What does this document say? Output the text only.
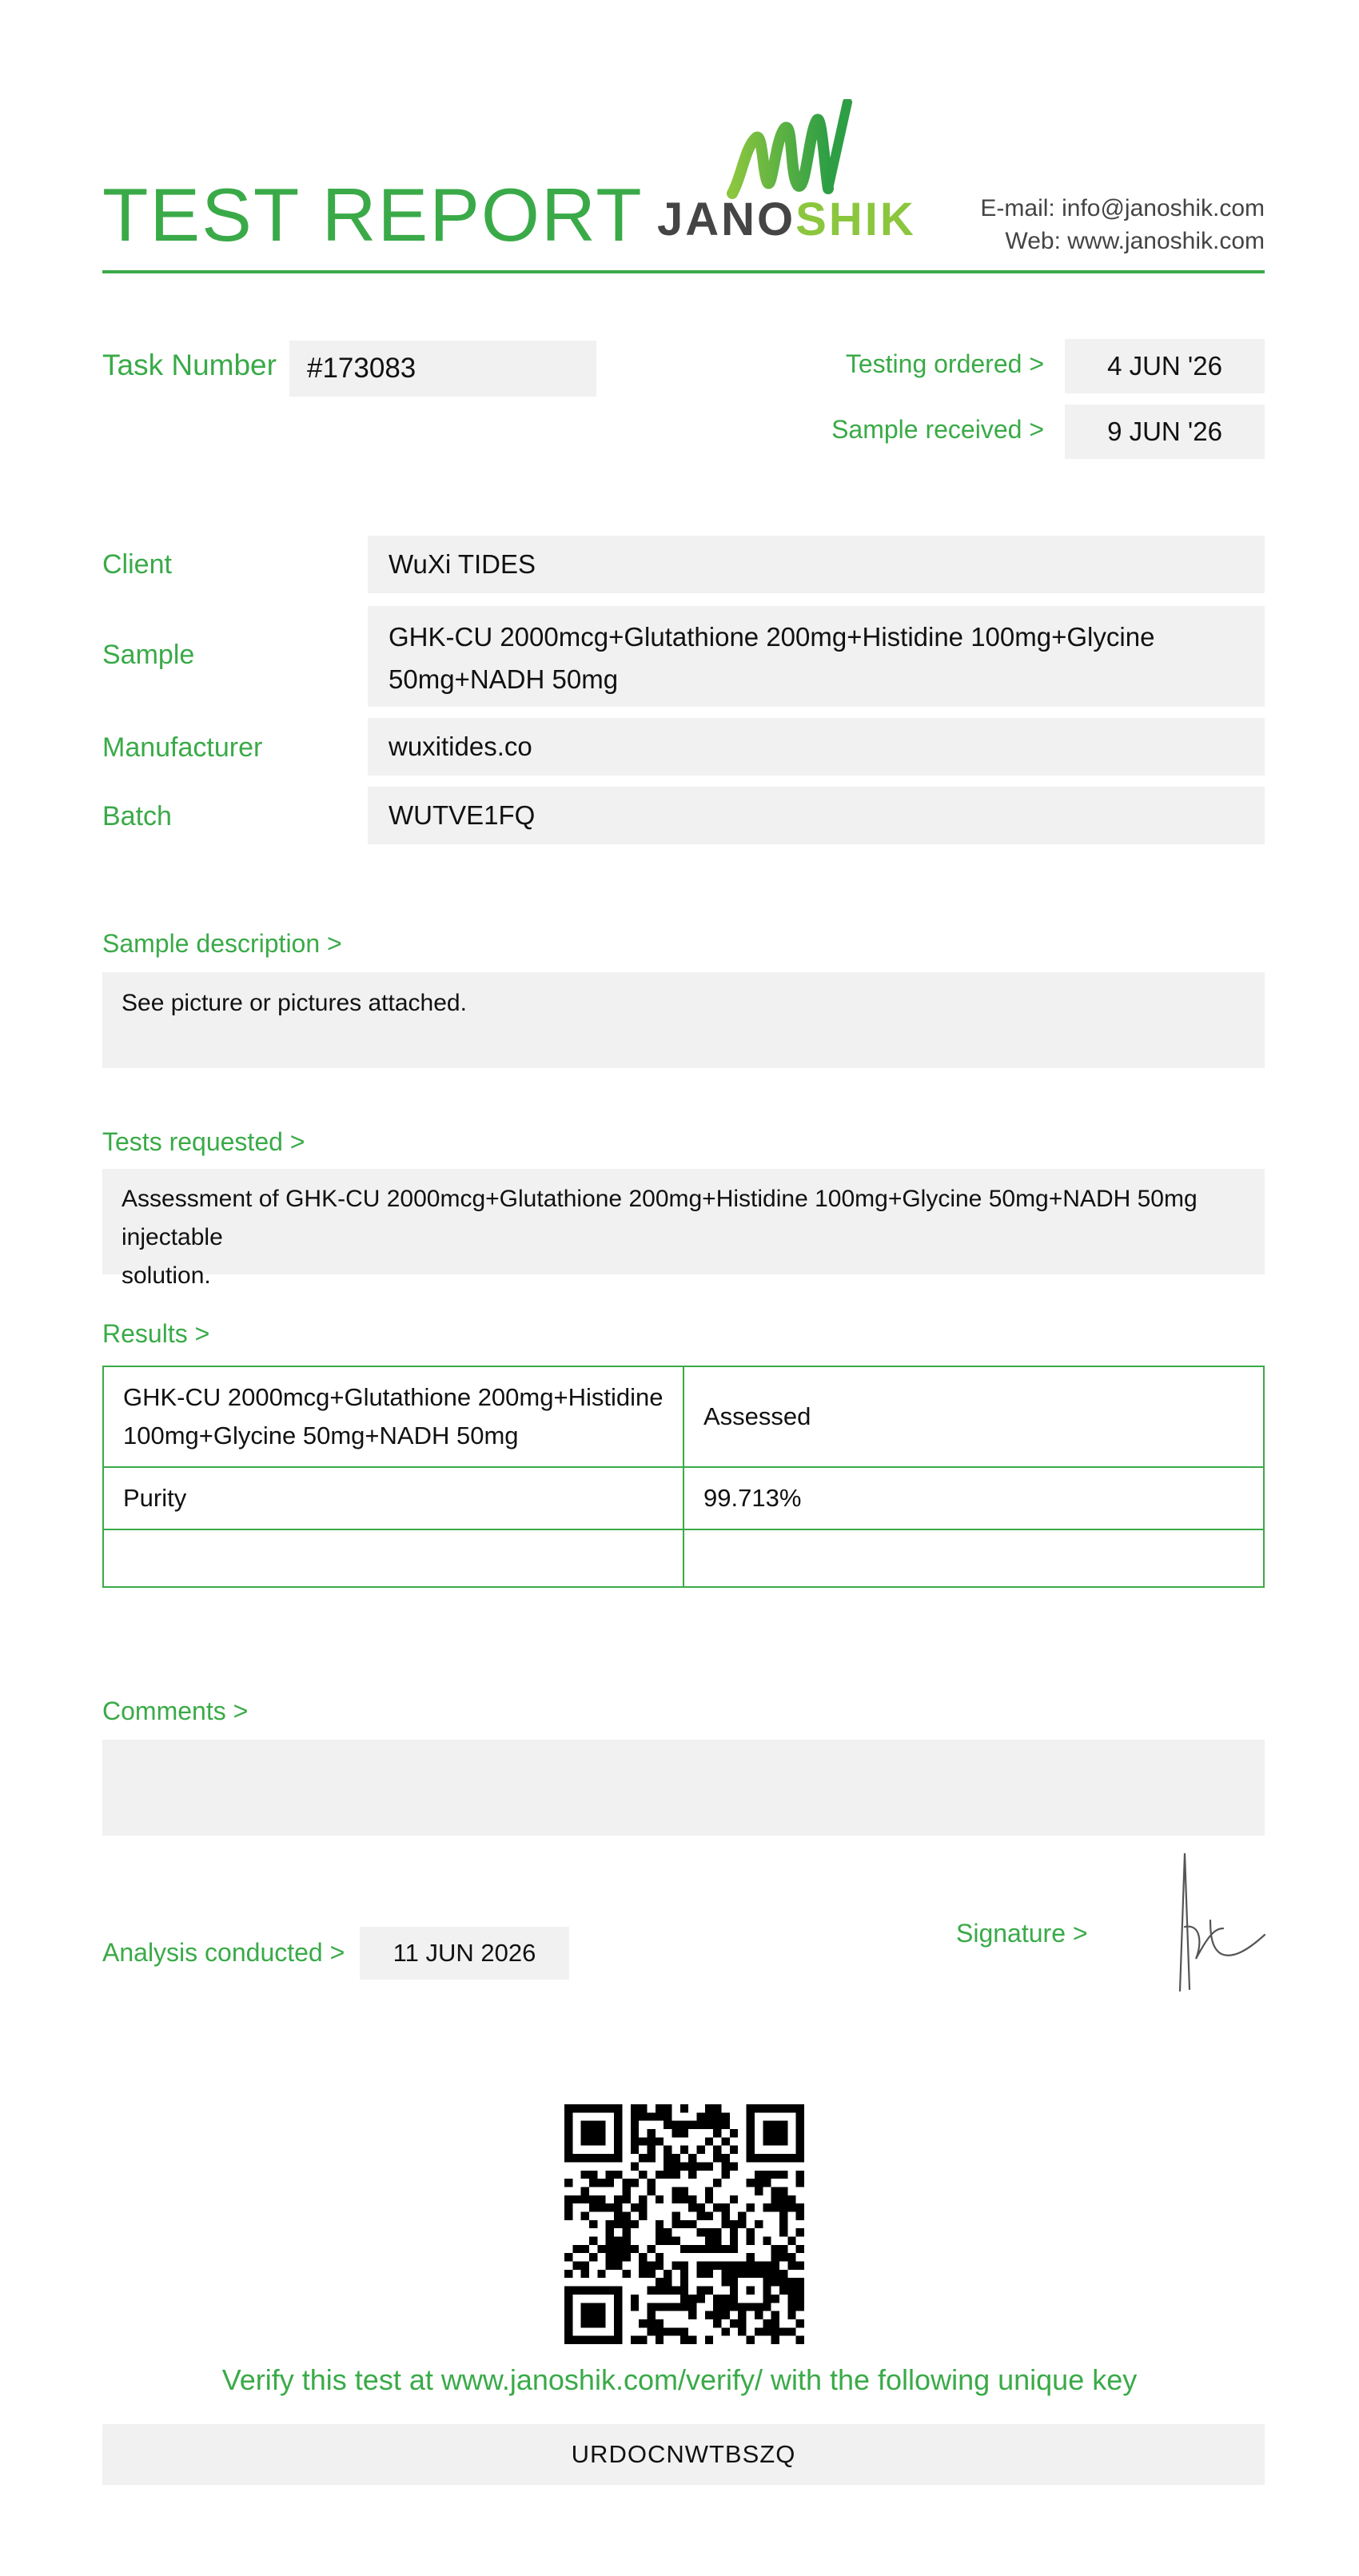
TEST REPORT JANOSHIK	E-mail: info@janoshik.com
Web: www.janoshik.com
Task Number #173083	Testing ordered > 4 JUN '26
Sample received > 9 JUN '26
Client	WuXi TIDES
Sample
GHK-CU 2000mcg+Glutathione 200mg+Histidine 100mg+Glycine
50mg+NADH 50mg
Manufacturer	wuxitides.co
Batch	WUTVE1FQ
Sample description >
See picture or pictures attached.
Tests requested >
Assessment of GHK-CU 2000mcg+Glutathione 200mg+Histidine 100mg+Glycine 50mg+NADH 50mg injectable
solution.
Results >
GHK-CU 2000mcg+Glutathione 200mg+Histidine
100mg+Glycine 50mg+NADH 50mg	Assessed
Purity	99.713%

Comments >
Analysis conducted > 11 JUN 2026
Signature >
Verify this test at www.janoshik.com/verify/ with the following unique key
URDOCNWTBSZQ
